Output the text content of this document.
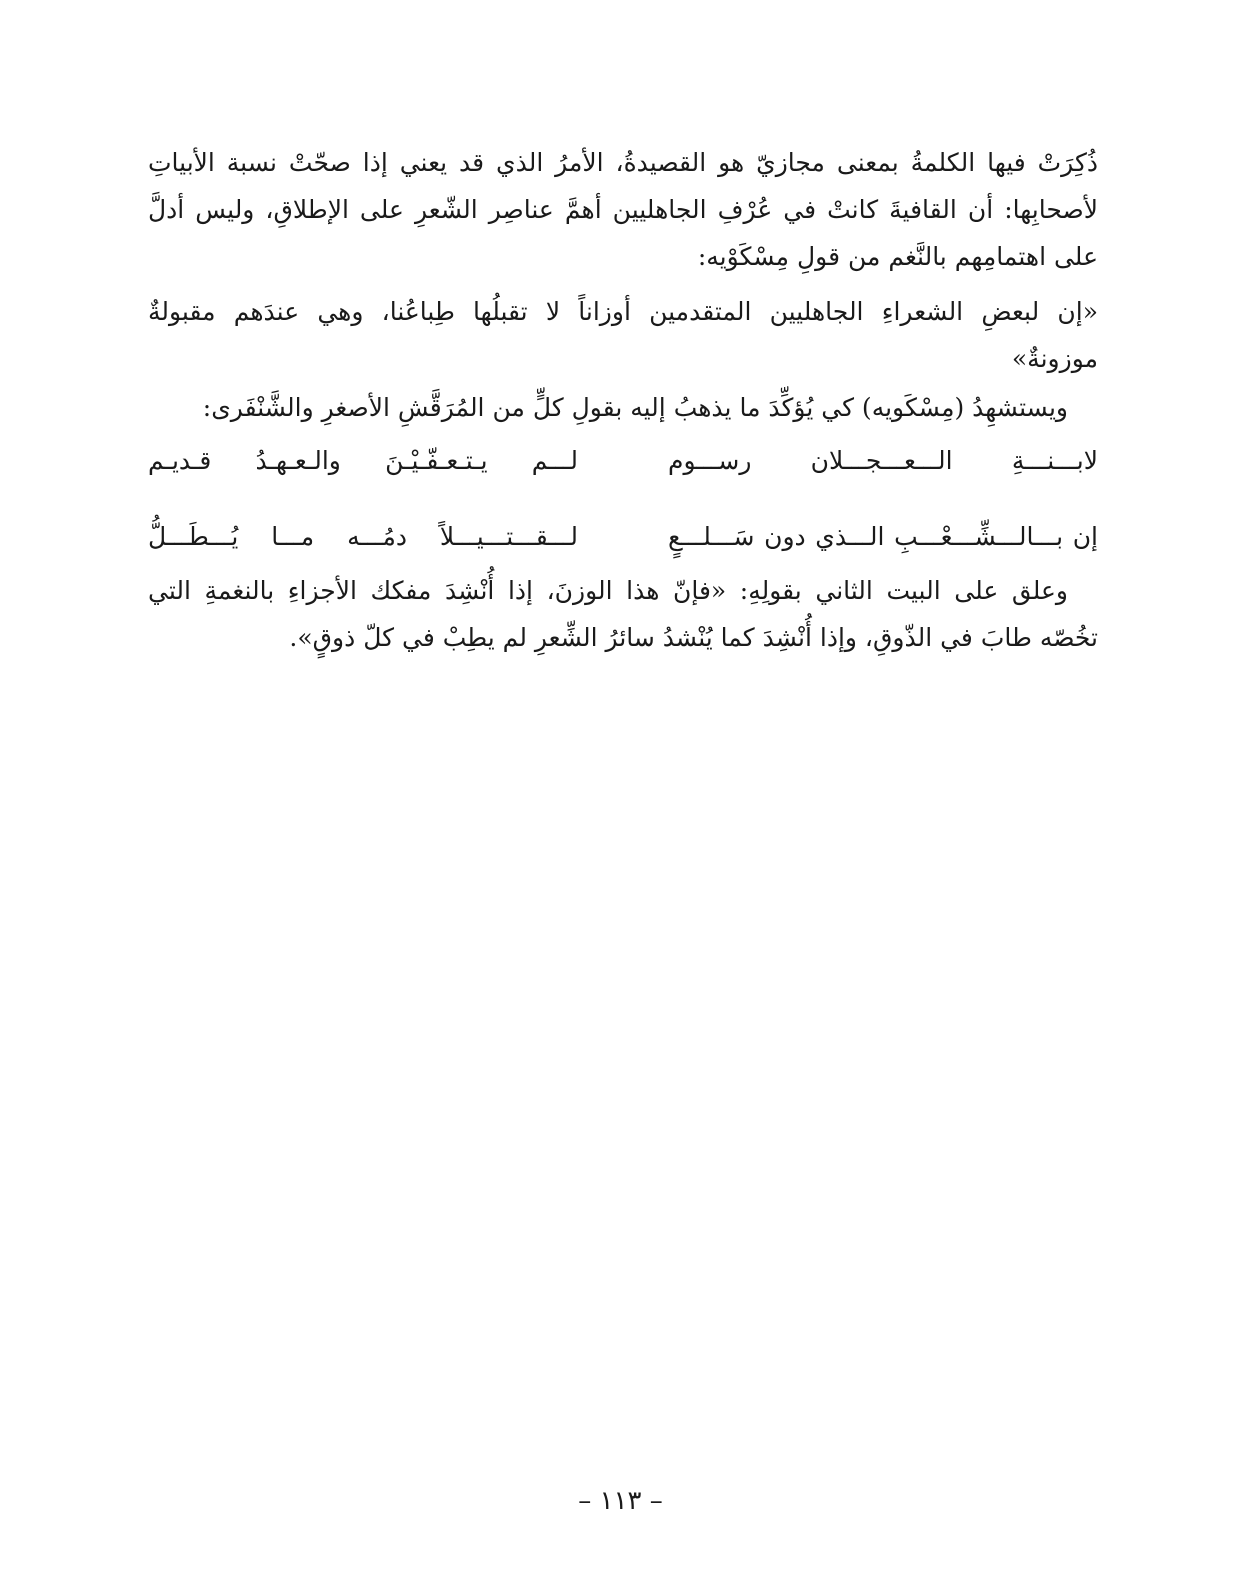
ذُكِرَتْ فيها الكلمةُ بمعنى مجازيّ هو القصيدةُ، الأمرُ الذي قد يعني إذا صحّتْ نسبة الأبياتِ
لأصحابِها: أن القافيةَ كانتْ في عُرْفِ الجاهليين أهمَّ عناصِر الشّعرِ على الإطلاقِ، وليس أدلَّ
على اهتمامِهم بالنَّغم من قولِ مِسْكَوْيه:
«إن لبعضِ الشعراءِ الجاهليين المتقدمين أوزاناً لا تقبلُها طِباعُنا، وهي عندَهم مقبولةٌ
موزونةٌ»
ويستشهِدُ (مِسْكَويه) كي يُؤكِّدَ ما يذهبُ إليه بقولِ كلٍّ من المُرَقَّشِ الأصغرِ والشَّنْفَرى:
لابـــنـــةِ الـــعـــجـــلان رســـوم
لـــم يـتـعـفّـيْـنَ والـعـهـدُ قـديـم
إن بـــالـــشِّـــعْـــبِ الـــذي دون سَـــلـــعٍ
لـــقـــتـــيـــلاً دمُـــه مـــا يُـــطَـــلُّ
وعلق على البيت الثاني بقولِهِ: «فإنّ هذا الوزنَ، إذا أُنْشِدَ مفكك الأجزاءِ بالنغمةِ التي
تخُصّه طابَ في الذّوقِ، وإذا أُنْشِدَ كما يُنْشدُ سائرُ الشِّعرِ لم يطِبْ في كلّ ذوقٍ».
– ١١٣ –
